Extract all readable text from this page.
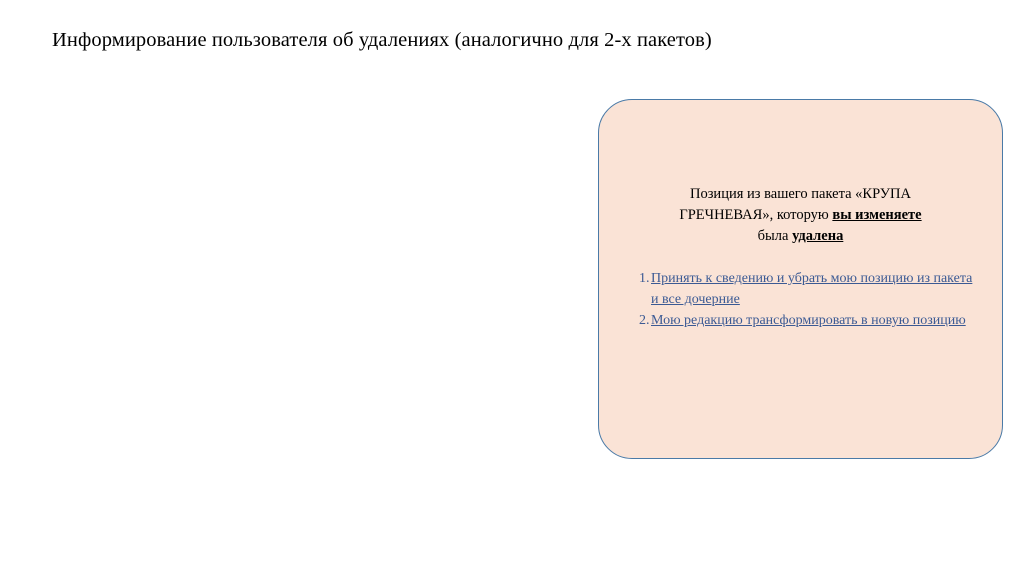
Информирование пользователя об удалениях (аналогично для 2-х пакетов)
Позиция из вашего пакета «КРУПА
ГРЕЧНЕВАЯ», которую вы изменяете
была удалена
1. Принять к сведению и убрать мою позицию из пакета и все дочерние
2. Мою редакцию трансформировать в новую позицию
